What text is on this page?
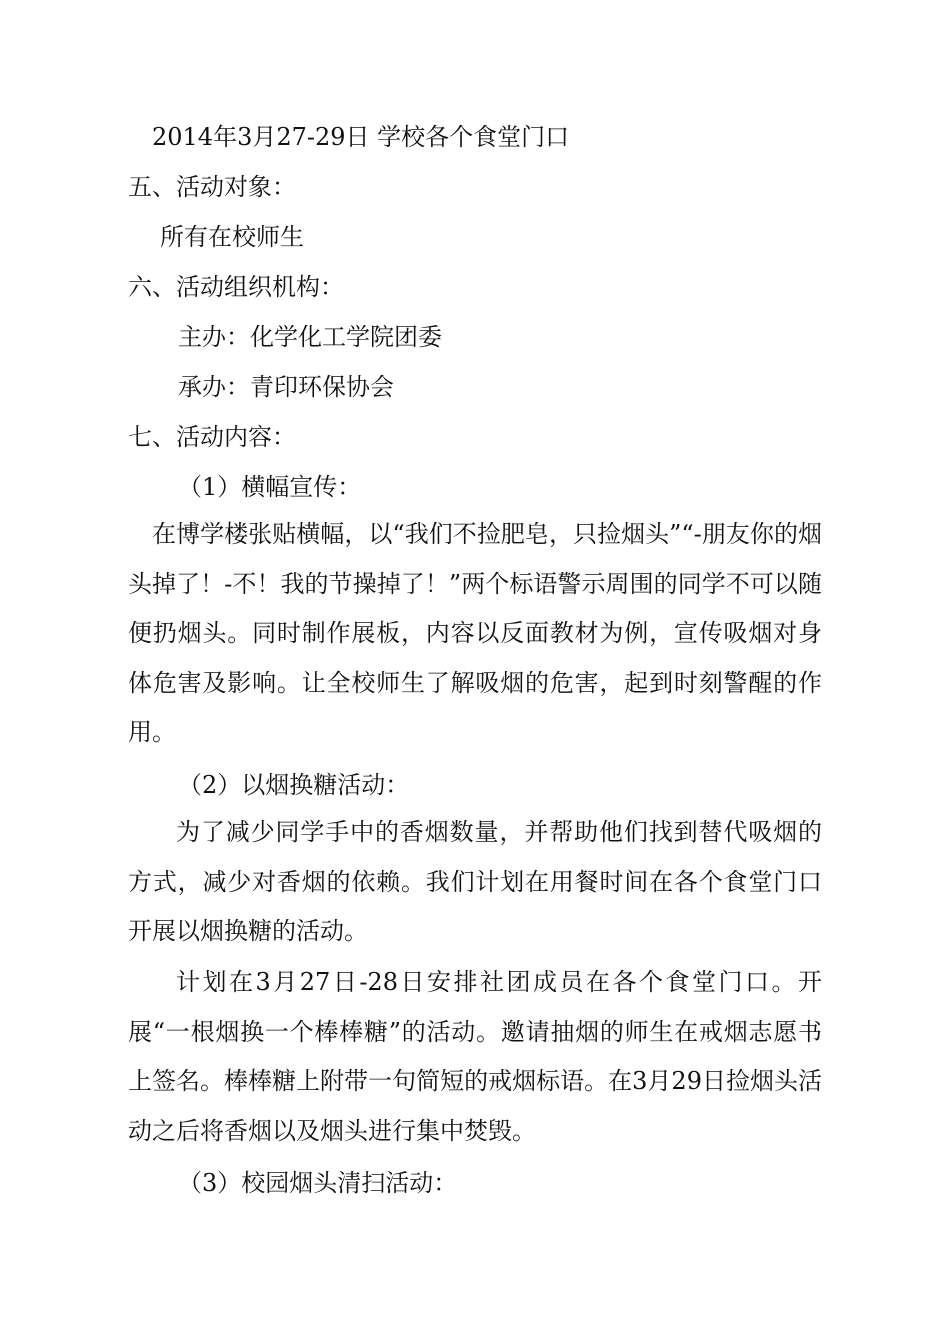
2014年3月27-29日 学校各个食堂门口

五、活动对象：

所有在校师生

六、活动组织机构：

主办：化学化工学院团委

承办：青印环保协会

七、活动内容：

（1）横幅宣传：

在博学楼张贴横幅，以“我们不捡肥皂，只捡烟头”“-朋友你的烟头掉了！-不！我的节操掉了！”两个标语警示周围的同学不可以随便扔烟头。同时制作展板，内容以反面教材为例，宣传吸烟对身体危害及影响。让全校师生了解吸烟的危害，起到时刻警醒的作用。

（2）以烟换糖活动：

为了减少同学手中的香烟数量，并帮助他们找到替代吸烟的方式，减少对香烟的依赖。我们计划在用餐时间在各个食堂门口开展以烟换糖的活动。

计划在3月27日-28日安排社团成员在各个食堂门口。开展“一根烟换一个棒棒糖”的活动。邀请抽烟的师生在戒烟志愿书上签名。棒棒糖上附带一句简短的戒烟标语。在3月29日捡烟头活动之后将香烟以及烟头进行集中焚毁。

（3）校园烟头清扫活动：
